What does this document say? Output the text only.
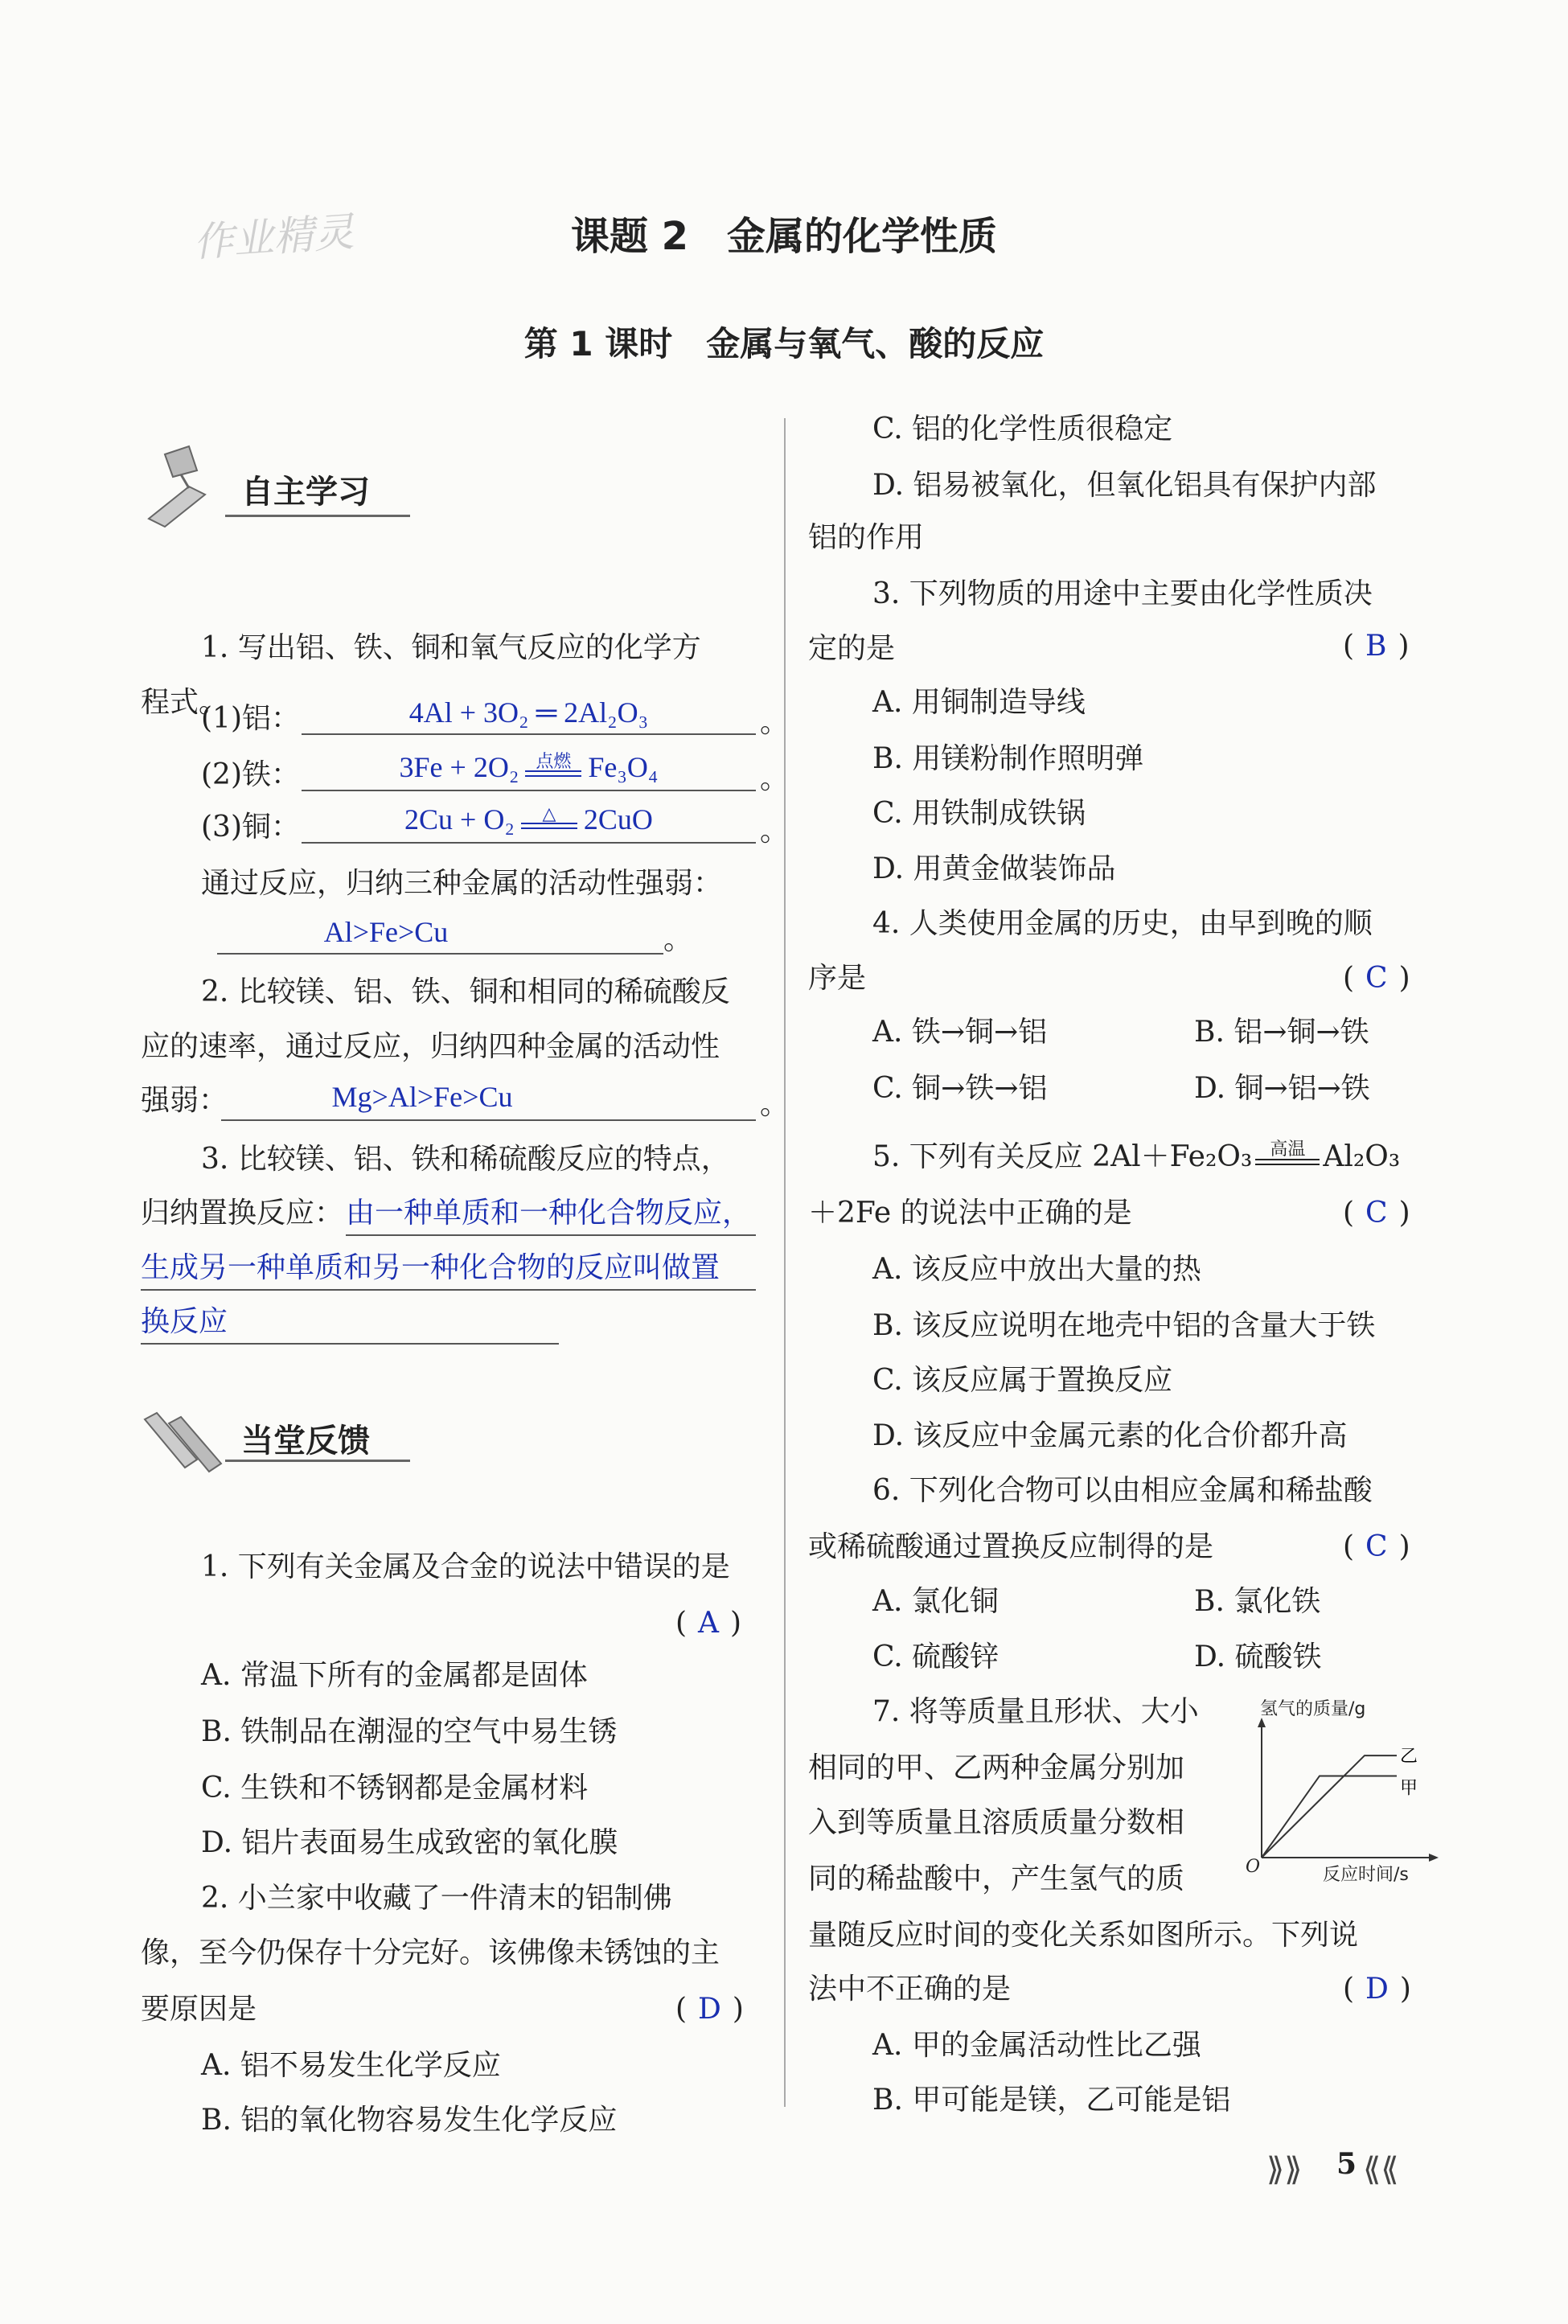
作业精灵	课题 2　金属的化学性质
第 1 课时　金属与氧气、酸的反应
自主学习
1. 写出铝、铁、铜和氧气反应的化学方
程式。
(1)铝：	4Al + 3O₂ ═ 2Al₂O₃	。
(2)铁：	3Fe + 2O₂ 点燃 Fe₃O₄	。
(3)铜：	2Cu + O₂	△ 2CuO	。
通过反应，归纳三种金属的活动性强弱：
Al>Fe>Cu	。
2. 比较镁、铝、铁、铜和相同的稀硫酸反
应的速率，通过反应，归纳四种金属的活动性
强弱：	Mg>Al>Fe>Cu	。
3. 比较镁、铝、铁和稀硫酸反应的特点，
归纳置换反应： 由一种单质和一种化合物反应，
生成另一种单质和另一种化合物的反应叫做置
换反应
当堂反馈
1. 下列有关金属及合金的说法中错误的是
( A )
A. 常温下所有的金属都是固体
B. 铁制品在潮湿的空气中易生锈
C. 生铁和不锈钢都是金属材料
D. 铝片表面易生成致密的氧化膜
2. 小兰家中收藏了一件清末的铝制佛
像，至今仍保存十分完好。该佛像未锈蚀的主
要原因是	( D )
A. 铝不易发生化学反应
B. 铝的氧化物容易发生化学反应
C. 铝的化学性质很稳定
D. 铝易被氧化，但氧化铝具有保护内部
铝的作用
3. 下列物质的用途中主要由化学性质决
定的是	( B )
A. 用铜制造导线
B. 用镁粉制作照明弹
C. 用铁制成铁锅
D. 用黄金做装饰品
4. 人类使用金属的历史，由早到晚的顺
序是	( C )
A. 铁→铜→铝	B. 铝→铜→铁
C. 铜→铁→铝	D. 铜→铝→铁
5. 下列有关反应 2Al＋Fe₂O₃ 高温 Al₂O₃
＋2Fe 的说法中正确的是	( C )
A. 该反应中放出大量的热
B. 该反应说明在地壳中铝的含量大于铁
C. 该反应属于置换反应
D. 该反应中金属元素的化合价都升高
6. 下列化合物可以由相应金属和稀盐酸
或稀硫酸通过置换反应制得的是	( C )
A. 氯化铜	B. 氯化铁
C. 硫酸锌	D. 硫酸铁
7. 将等质量且形状、大小
相同的甲、乙两种金属分别加
入到等质量且溶质质量分数相
同的稀盐酸中，产生氢气的质
量随反应时间的变化关系如图所示。下列说
法中不正确的是	( D )
A. 甲的金属活动性比乙强
B. 甲可能是镁，乙可能是铝
氢气的质量/g
O	反应时间/s
乙
甲
⟫⟫ 5 ⟪⟪
